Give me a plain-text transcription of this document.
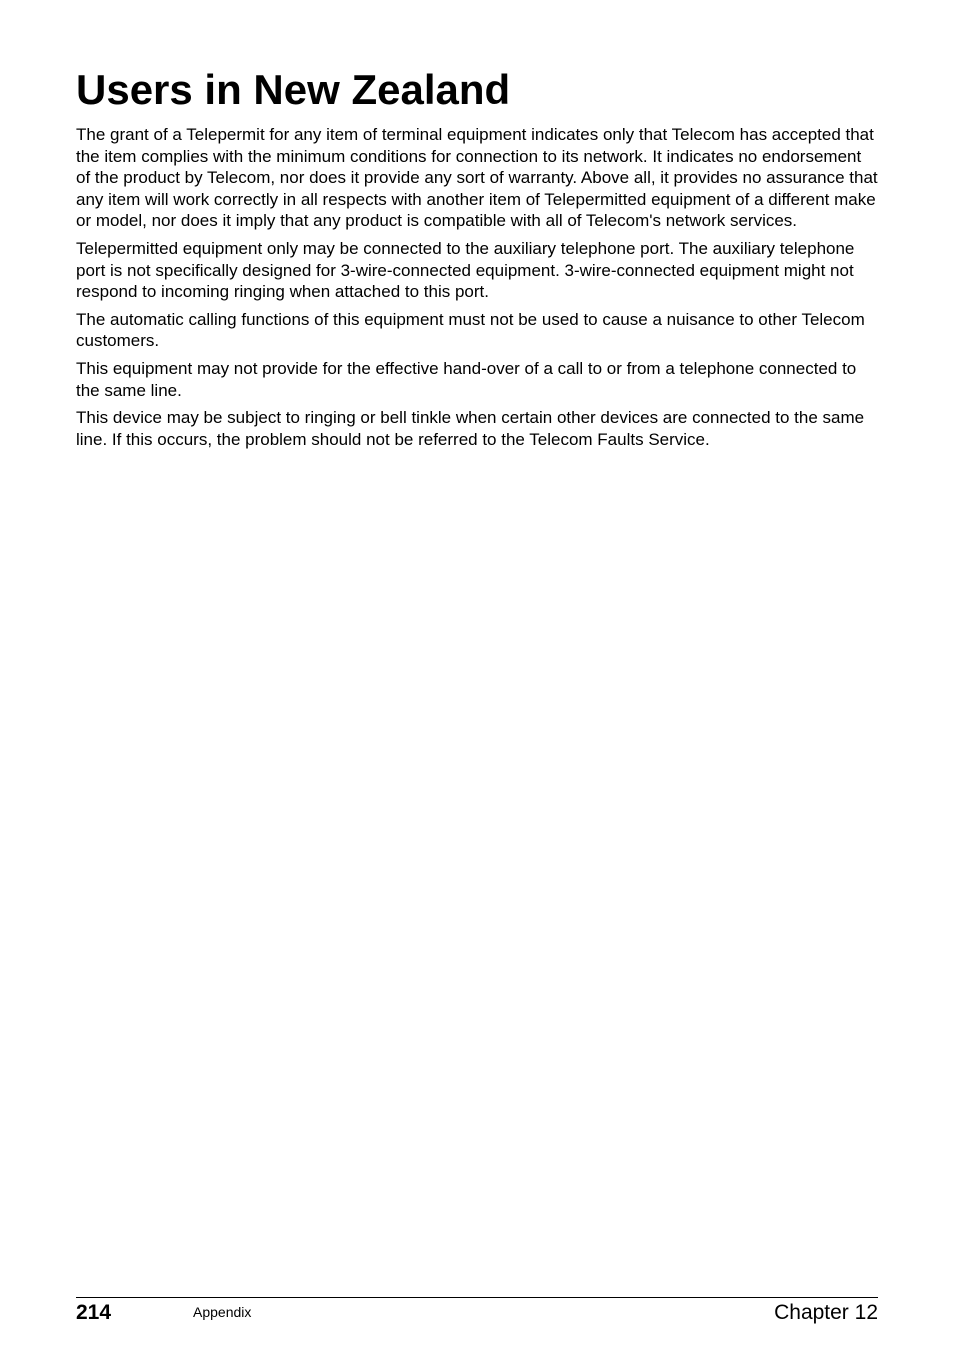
Users in New Zealand

The grant of a Telepermit for any item of terminal equipment indicates only that Telecom has accepted that the item complies with the minimum conditions for connection to its network. It indicates no endorsement of the product by Telecom, nor does it provide any sort of warranty. Above all, it provides no assurance that any item will work correctly in all respects with another item of Telepermitted equipment of a different make or model, nor does it imply that any product is compatible with all of Telecom's network services.

Telepermitted equipment only may be connected to the auxiliary telephone port. The auxiliary telephone port is not specifically designed for 3-wire-connected equipment. 3-wire-connected equipment might not respond to incoming ringing when attached to this port.

The automatic calling functions of this equipment must not be used to cause a nuisance to other Telecom customers.

This equipment may not provide for the effective hand-over of a call to or from a telephone connected to the same line.

This device may be subject to ringing or bell tinkle when certain other devices are connected to the same line. If this occurs, the problem should not be referred to the Telecom Faults Service.

214	Appendix	Chapter 12
